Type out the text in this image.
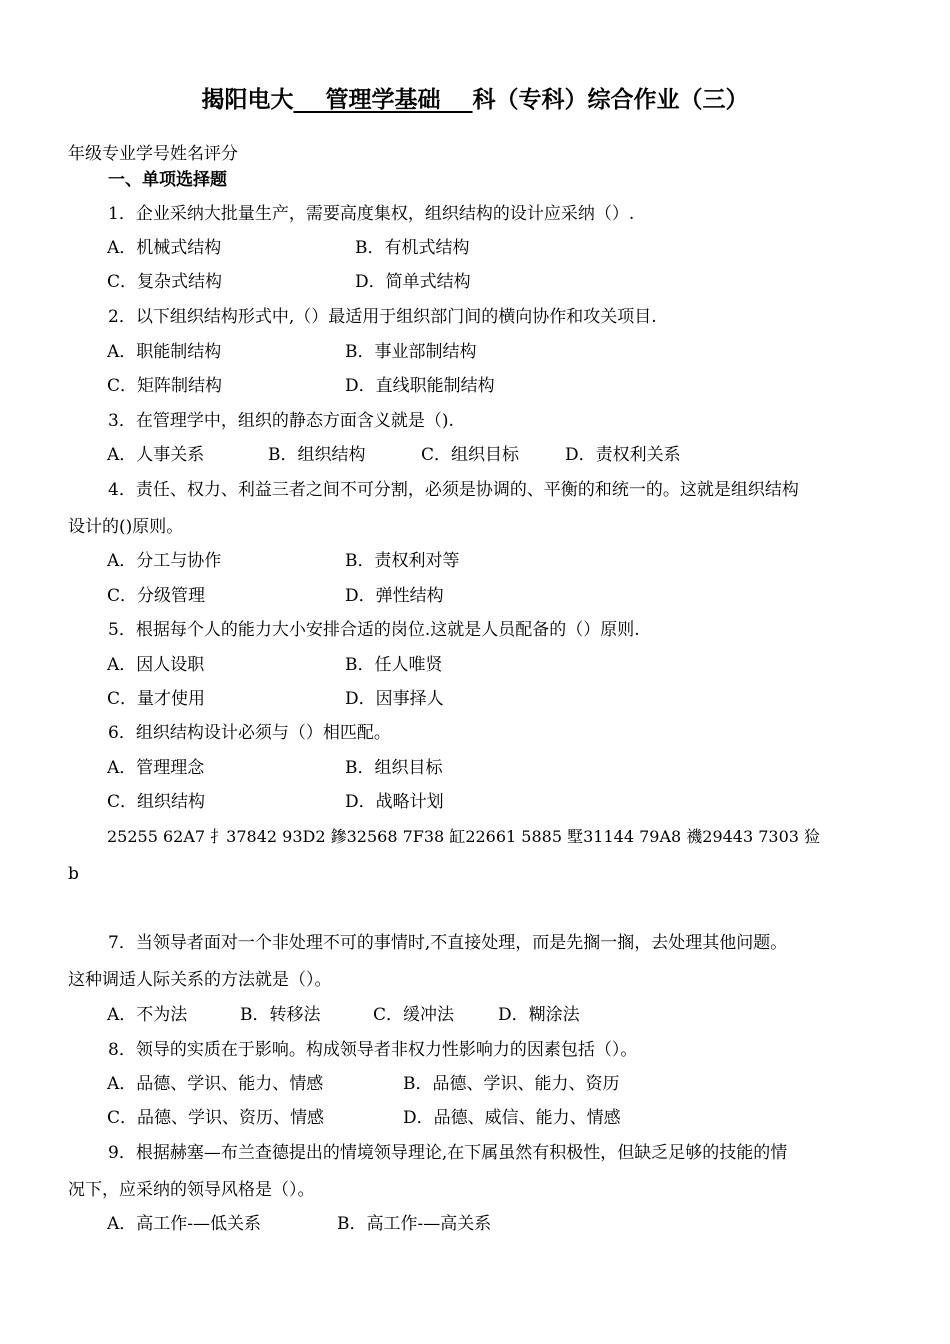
揭阳电大 管理学基础 科（专科）综合作业（三）
年级专业学号姓名评分
一、单项选择题
1．企业采纳大批量生产，需要高度集权，组织结构的设计应采纳（）.
A．机械式结构	B．有机式结构
C．复杂式结构	D．简单式结构
2．以下组织结构形式中,（）最适用于组织部门间的横向协作和攻关项目.
A．职能制结构	B．事业部制结构
C．矩阵制结构	D．直线职能制结构
3．在管理学中，组织的静态方面含义就是（).
A．人事关系	B．组织结构	C．组织目标	D．责权利关系
4．责任、权力、利益三者之间不可分割，必须是协调的、平衡的和统一的。这就是组织结构
设计的()原则。
A．分工与协作	B．责权利对等
C．分级管理	D．弹性结构
5．根据每个人的能力大小安排合适的岗位.这就是人员配备的（）原则.
A．因人设职	B．任人唯贤
C．量才使用	D．因事择人
6．组织结构设计必须与（）相匹配。
A．管理理念	B．组织目标
C．组织结构	D．战略计划
25255 62A7 扌37842 93D2 鏒32568 7F38 缸22661 5885 墅31144 79A8 禨29443 7303 猃
b
7．当领导者面对一个非处理不可的事情时,不直接处理，而是先搁一搁，去处理其他问题。
这种调适人际关系的方法就是（）。
A．不为法	B．转移法	C．缓冲法	D．糊涂法
8．领导的实质在于影响。构成领导者非权力性影响力的因素包括（）。
A．品德、学识、能力、情感	B．品德、学识、能力、资历
C．品德、学识、资历、情感	D．品德、威信、能力、情感
9．根据赫塞—布兰查德提出的情境领导理论,在下属虽然有积极性，但缺乏足够的技能的情
况下，应采纳的领导风格是（）。
A．高工作-—低关系	B．高工作-—高关系
